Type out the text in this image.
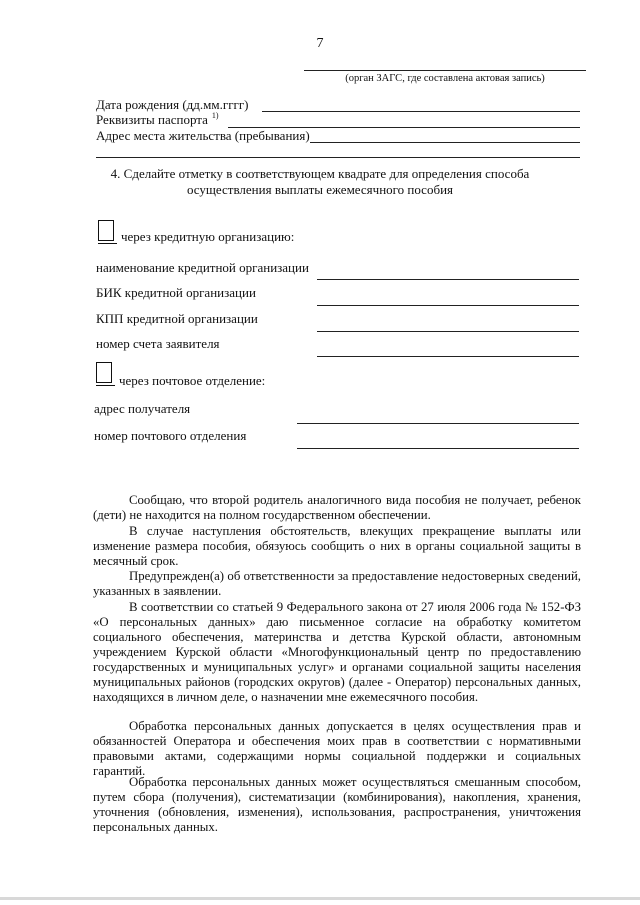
7
(орган ЗАГС, где составлена актовая запись)
Дата рождения (дд.мм.гггг)
Реквизиты паспорта $^{1)}$
Адрес места жительства (пребывания)
4. Сделайте отметку в соответствующем квадрате для определения способа
осуществления выплаты ежемесячного пособия
через кредитную организацию:
наименование кредитной организации
БИК кредитной организации
КПП кредитной организации
номер счета заявителя
через почтовое отделение:
адрес получателя
номер почтового отделения

Сообщаю, что второй родитель аналогичного вида пособия не получает, ребенок (дети) не находится на полном государственном обеспечении.

В случае наступления обстоятельств, влекущих прекращение выплаты или изменение размера пособия, обязуюсь сообщить о них в органы социальной защиты в месячный срок.

Предупрежден(а) об ответственности за предоставление недостоверных сведений, указанных в заявлении.

В соответствии со статьей 9 Федерального закона от 27 июля 2006 года № 152-ФЗ «О персональных данных» даю письменное согласие на обработку комитетом социального обеспечения, материнства и детства Курской области, автономным учреждением Курской области «Многофункциональный центр по предоставлению государственных и муниципальных услуг» и органами социальной защиты населения муниципальных районов (городских округов) (далее - Оператор) персональных данных, находящихся в личном деле, о назначении мне ежемесячного пособия.

Обработка персональных данных допускается в целях осуществления прав и обязанностей Оператора и обеспечения моих прав в соответствии с нормативными правовыми актами, содержащими нормы социальной поддержки и социальных гарантий.

Обработка персональных данных может осуществляться смешанным способом, путем сбора (получения), систематизации (комбинирования), накопления, хранения, уточнения (обновления, изменения), использования, распространения, уничтожения персональных данных.
